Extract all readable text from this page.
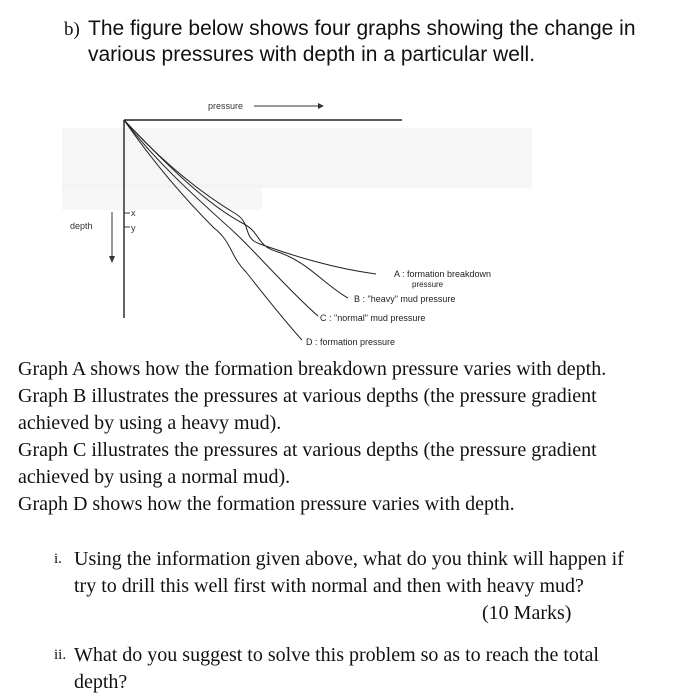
b) The figure below shows four graphs showing the change in various pressures with depth in a particular well.
pressure
depth
x
y
A : formation breakdown
pressure
B : "heavy" mud pressure
C : "normal" mud pressure
D : formation pressure

Graph A shows how the formation breakdown pressure varies with depth.

Graph B illustrates the pressures at various depths (the pressure gradient achieved by using a heavy mud).

Graph C illustrates the pressures at various depths (the pressure gradient achieved by using a normal mud).

Graph D shows how the formation pressure varies with depth.

i. Using the information given above, what do you think will happen if try to drill this well first with normal and then with heavy mud?
(10 Marks)
ii. What do you suggest to solve this problem so as to reach the total depth?
